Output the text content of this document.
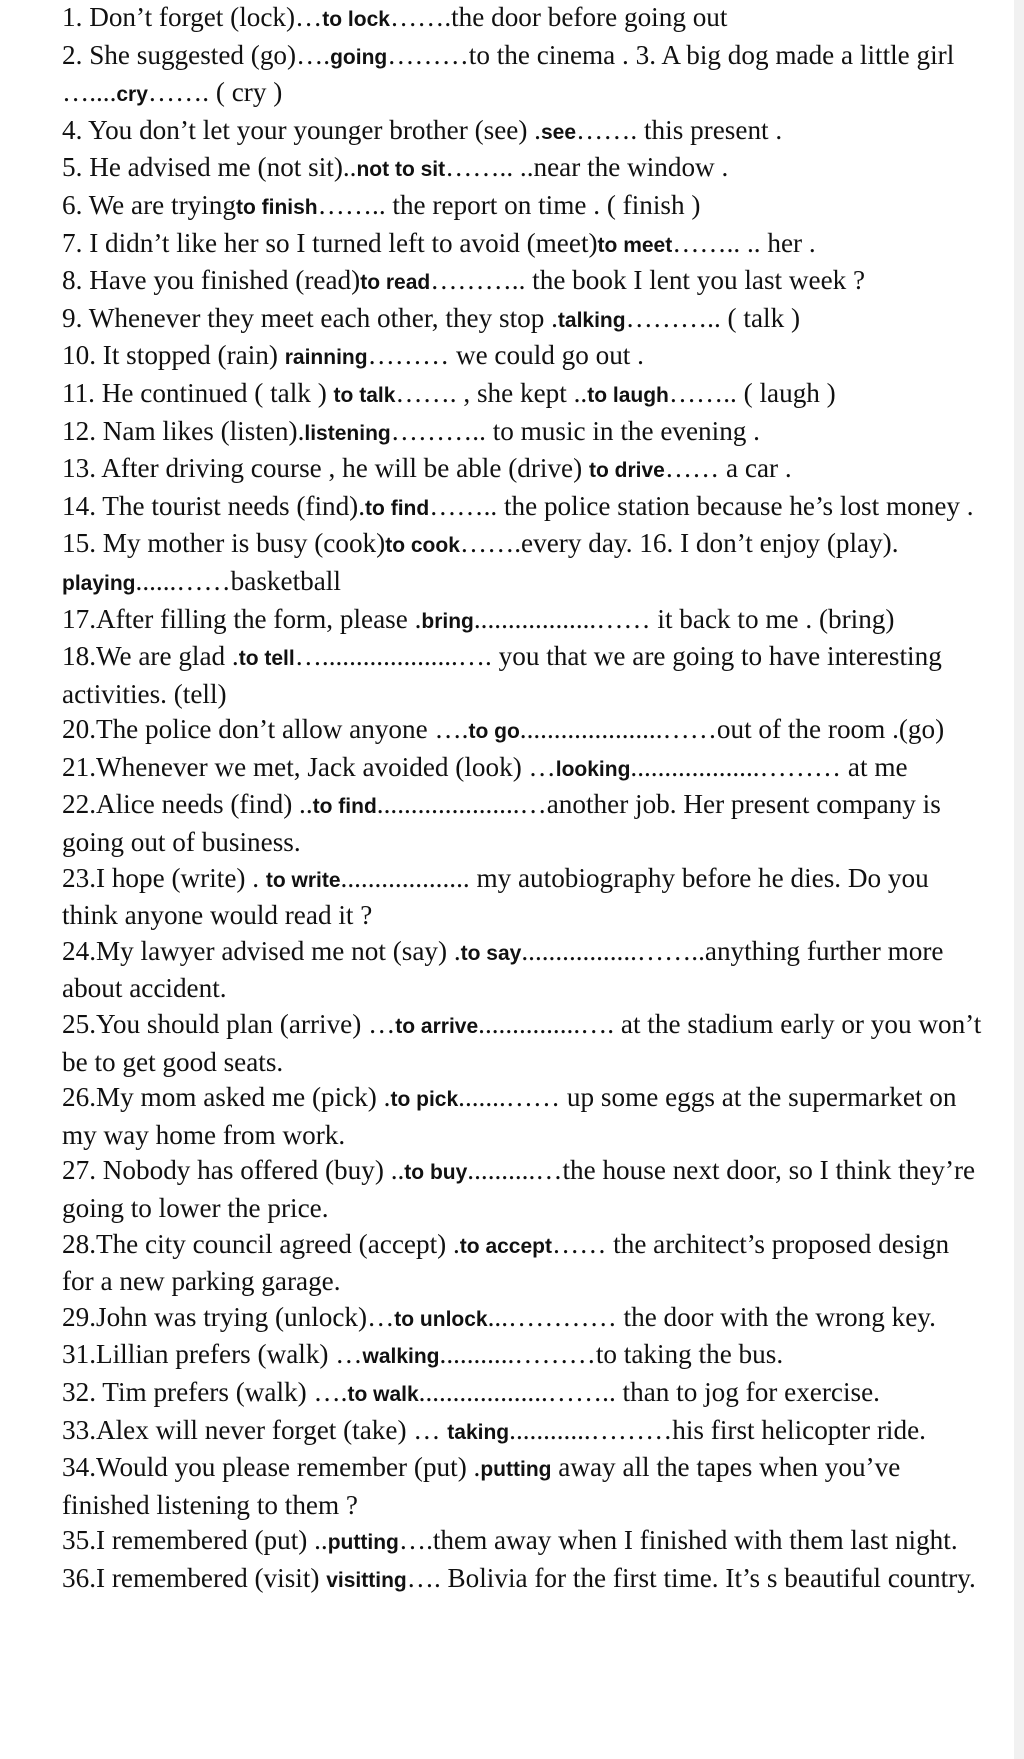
1. Don’t forget (lock)…to lock…….the door before going out
2. She suggested (go)….going………to the cinema . 3. A big dog made a little girl …....cry……. ( cry )
4. You don’t let your younger brother (see) .see……. this present .
5. He advised me (not sit)..not to sit…….. ..near the window .
6. We are tryingto finish…….. the report on time . ( finish )
7. I didn’t like her so I turned left to avoid (meet)to meet…….. .. her .
8. Have you finished (read)to read……….. the book I lent you last week ?
9. Whenever they meet each other, they stop .talking……….. ( talk )
10. It stopped (rain) rainning……… we could go out .
11. He continued ( talk ) to talk……. , she kept ..to laugh…….. ( laugh )
12. Nam likes (listen).listening……….. to music in the evening .
13. After driving course , he will be able (drive) to drive…… a car .
14. The tourist needs (find).to find…….. the police station because he’s lost money .
15. My mother is busy (cook)to cook…….every day. 16. I don’t enjoy (play). playing......……basketball
17.After filling the form, please .bring..................…… it back to me . (bring)
18.We are glad .to tell…....................…. you that we are going to have interesting activities. (tell)
20.The police don’t allow anyone ….to go.....................……out of the room .(go)
21.Whenever we met, Jack avoided (look) …looking...................……… at me
22.Alice needs (find) ..to find.....................…another job. Her present company is going out of business.
23.I hope (write) . to write................... my autobiography before he dies. Do you think anyone would read it ?
24.My lawyer advised me not (say) .to say.................……..anything further more about accident.
25.You should plan (arrive) …to arrive...............…. at the stadium early or you won’t be to get good seats.
26.My mom asked me (pick) .to pick.......…… up some eggs at the supermarket on my way home from work.
27. Nobody has offered (buy) ..to buy..........…the house next door, so I think they’re going to lower the price.
28.The city council agreed (accept) .to accept…… the architect’s proposed design for a new parking garage.
29.John was trying (unlock)…to unlock...………… the door with the wrong key.
31.Lillian prefers (walk) …walking...........………to taking the bus.
32. Tim prefers (walk) ….to walk...................…….. than to jog for exercise.
33.Alex will never forget (take) … taking............………his first helicopter ride.
34.Would you please remember (put) .putting away all the tapes when you’ve finished listening to them ?
35.I remembered (put) ..putting….them away when I finished with them last night.
36.I remembered (visit) visitting…. Bolivia for the first time. It’s s beautiful country.
